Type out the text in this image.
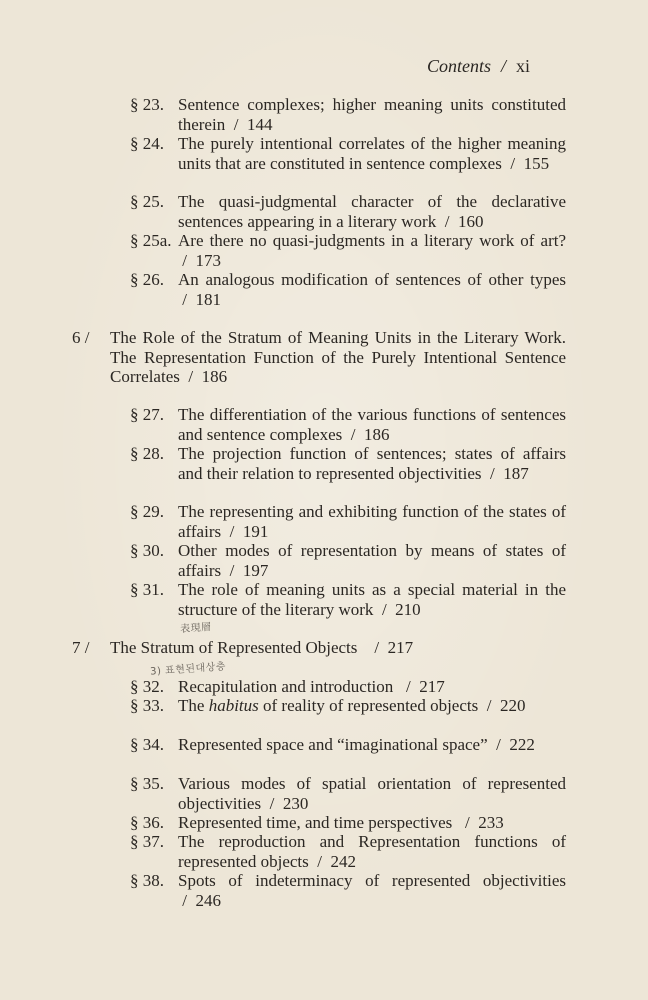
Contents / xi
§ 23. Sentence complexes; higher meaning units constituted therein / 144
§ 24. The purely intentional correlates of the higher meaning units that are constituted in sentence complexes / 155
§ 25. The quasi-judgmental character of the declarative sentences appearing in a literary work / 160
§ 25a. Are there no quasi-judgments in a literary work of art?  / 173
§ 26. An analogous modification of sentences of other types  / 181
6 / The Role of the Stratum of Meaning Units in the Literary Work. The Representation Function of the Purely Intentional Sentence Correlates / 186
§ 27. The differentiation of the various functions of sentences and sentence complexes / 186
§ 28. The projection function of sentences; states of affairs and their relation to represented objectivities / 187
§ 29. The representing and exhibiting function of the states of affairs / 191
§ 30. Other modes of representation by means of states of affairs / 197
§ 31. The role of meaning units as a special material in the structure of the literary work / 210
表現層
7 / The Stratum of Represented Objects / 217
3) 표현된대상층
§ 32. Recapitulation and introduction / 217
§ 33. The habitus of reality of represented objects / 220
§ 34. Represented space and “imaginational space” / 222
§ 35. Various modes of spatial orientation of represented objectivities / 230
§ 36. Represented time, and time perspectives / 233
§ 37. The reproduction and Representation functions of represented objects / 242
§ 38. Spots of indeterminacy of represented objectivities  / 246
